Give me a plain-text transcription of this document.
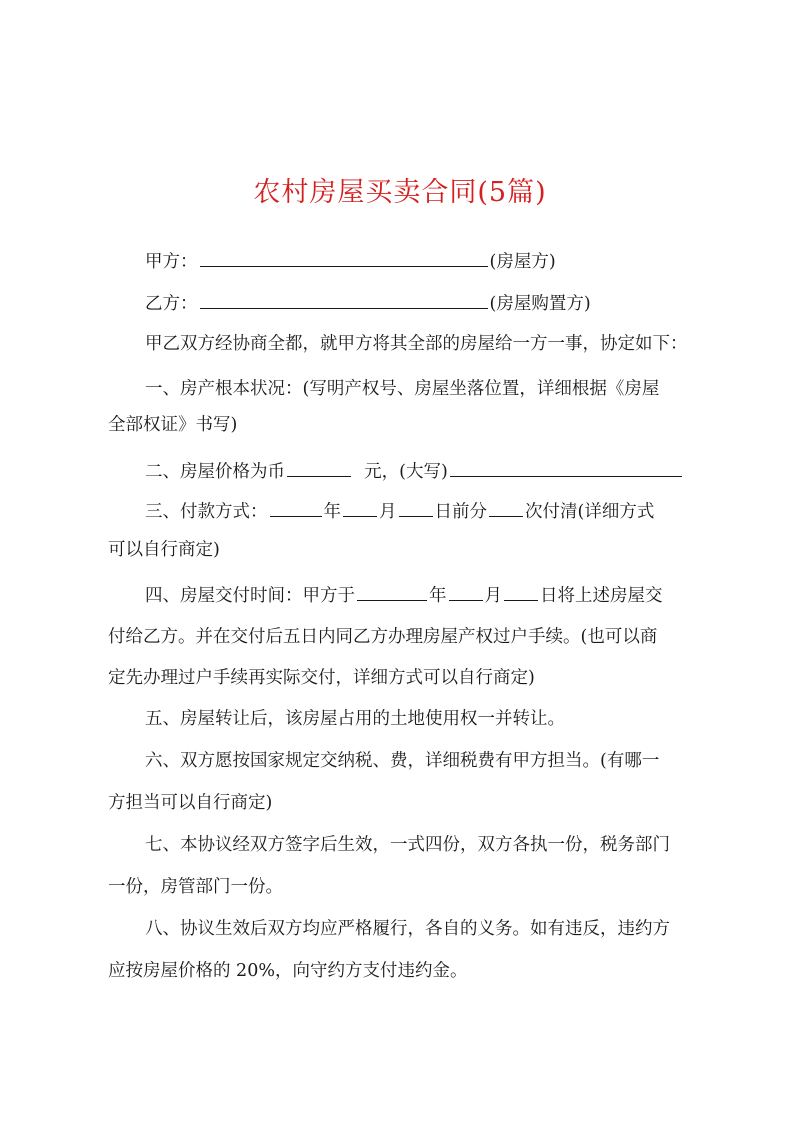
农村房屋买卖合同(5篇)
甲方：	(房屋方)
乙方：	(房屋购置方)
甲乙双方经协商全都，就甲方将其全部的房屋给一方一事，协定如下：
一、房产根本状况：(写明产权号、房屋坐落位置，详细根据《房屋
全部权证》书写)
二、房屋价格为币	元，(大写)
三、付款方式：	年 月 日前分 次付清(详细方式
可以自行商定)
四、房屋交付时间：甲方于	年 月 日将上述房屋交
付给乙方。并在交付后五日内同乙方办理房屋产权过户手续。(也可以商
定先办理过户手续再实际交付，详细方式可以自行商定)
五、房屋转让后，该房屋占用的土地使用权一并转让。
六、双方愿按国家规定交纳税、费，详细税费有甲方担当。(有哪一
方担当可以自行商定)
七、本协议经双方签字后生效，一式四份，双方各执一份，税务部门
一份，房管部门一份。
八、协议生效后双方均应严格履行，各自的义务。如有违反，违约方
应按房屋价格的 20%，向守约方支付违约金。
